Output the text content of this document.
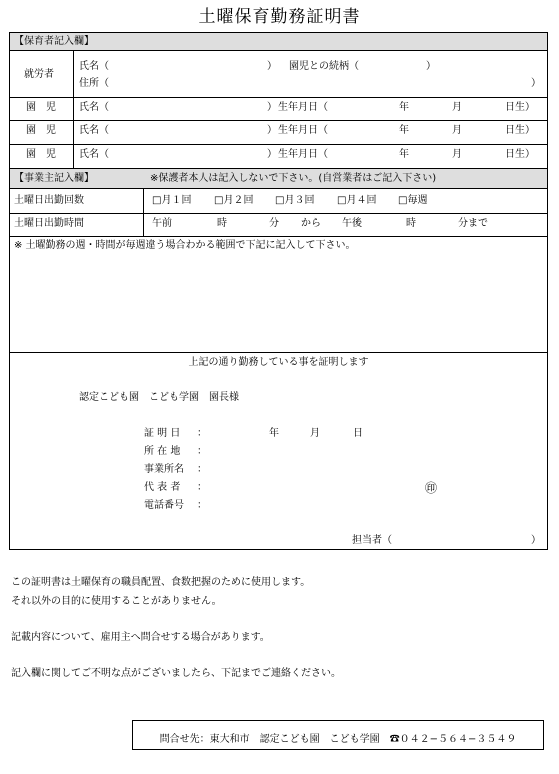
土曜保育勤務証明書
【保育者記入欄】
就労者
氏名（	） 園児との続柄（	）
住所（	）
園　児 氏名（	） 生年月日（	年	月	日生）
園　児 氏名（	） 生年月日（	年	月	日生）
園　児 氏名（	） 生年月日（	年	月	日生）
【事業主記入欄】	※保護者本人は記入しないで下さい。(自営業者はご記入下さい)
土曜日出勤回数	□月１回 □月２回 □月３回 □月４回 □毎週
土曜日出勤時間	午前	時	分 から 午後	時	分まで
※ 土曜勤務の週・時間が毎週違う場合わかる範囲で下記に記入して下さい。
上記の通り勤務している事を証明します
認定こども園　こども学園　園長様
証 明 日 ：	年	月	日
所 在 地 ：
事業所名 ：
代 表 者 ：	㊞
電話番号 ：
担当者（	）
この証明書は土曜保育の職員配置、食数把握のために使用します。
それ以外の目的に使用することがありません。
記載内容について、雇用主へ問合せする場合があります。
記入欄に関してご不明な点がございましたら、下記までご連絡ください。
問合せ先：東大和市　認定こども園　こども学園　☎０４２−５６４−３５４９
